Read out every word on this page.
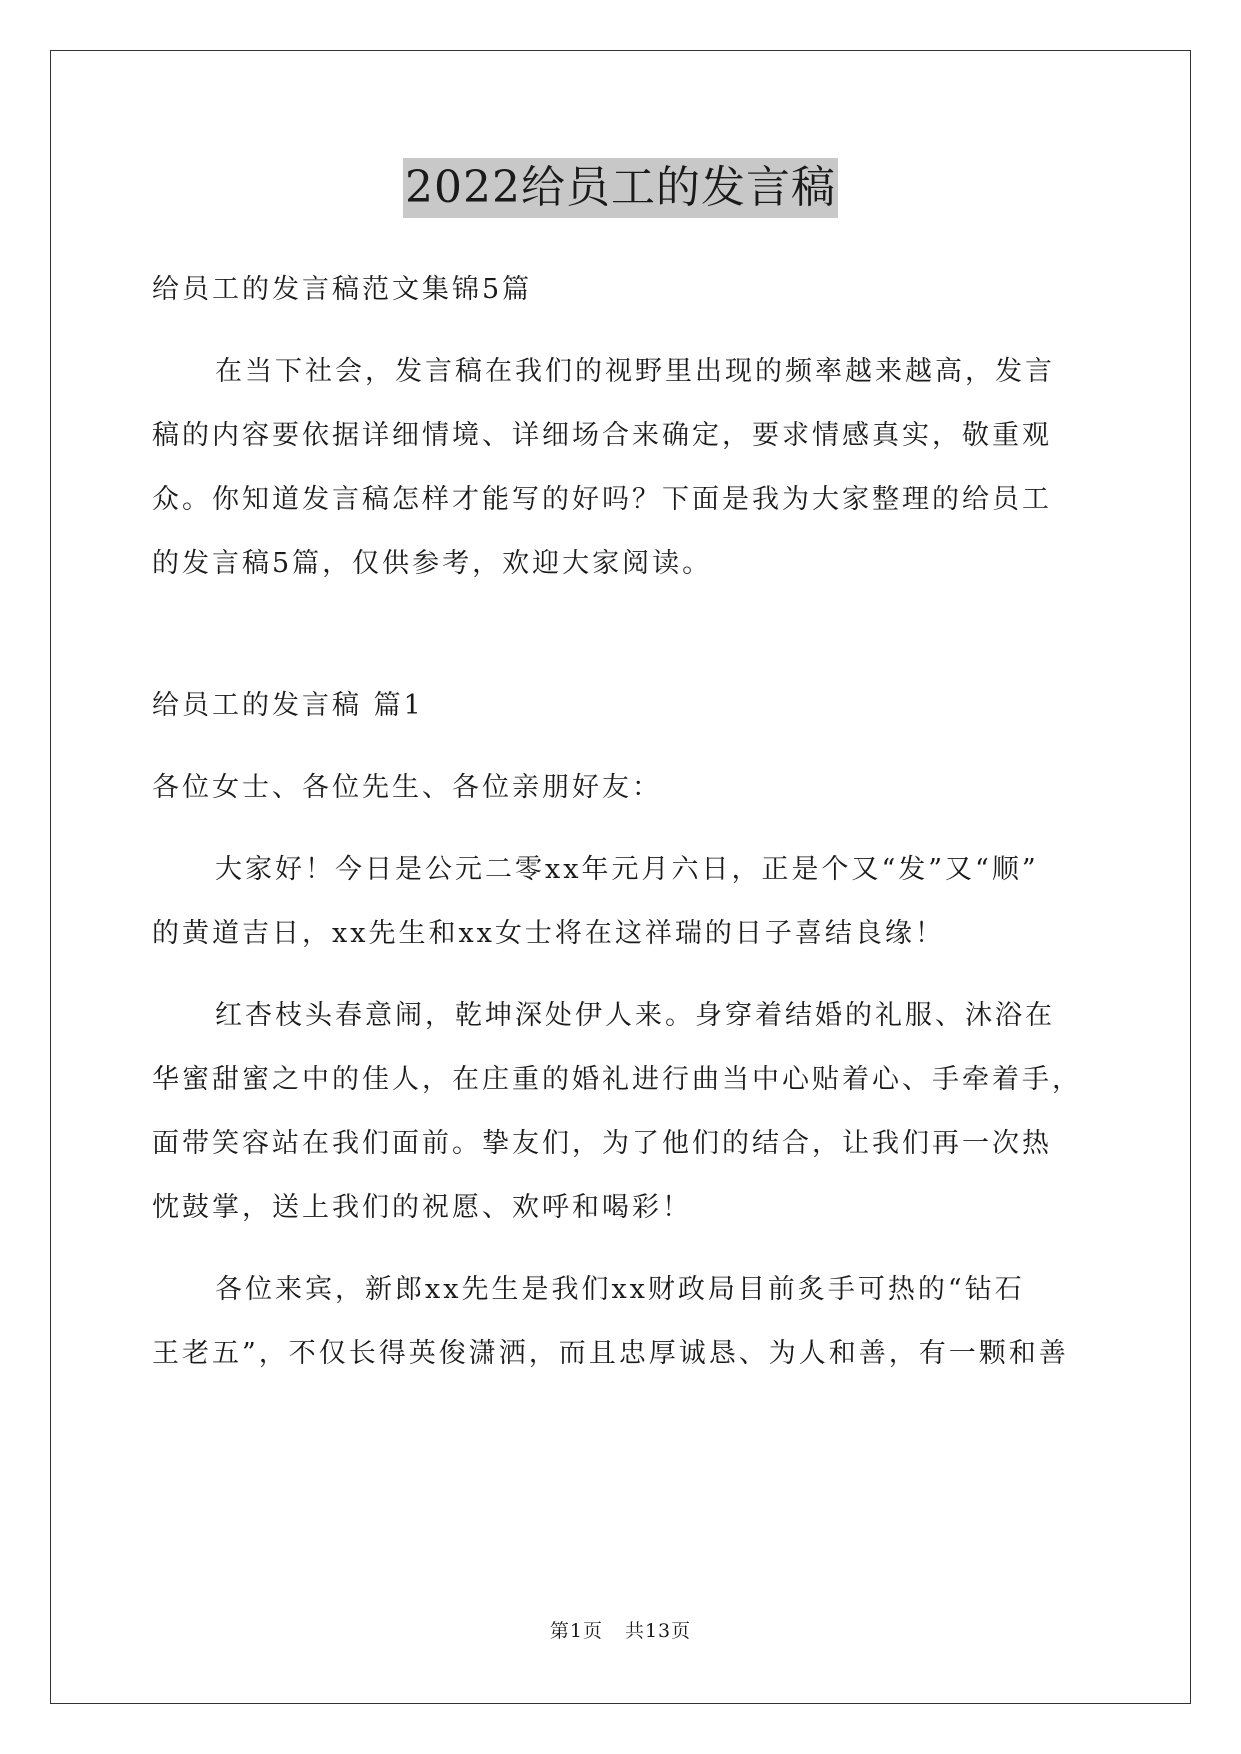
2022给员工的发言稿
给员工的发言稿范文集锦5篇
在当下社会，发言稿在我们的视野里出现的频率越来越高，发言
稿的内容要依据详细情境、详细场合来确定，要求情感真实，敬重观
众。你知道发言稿怎样才能写的好吗？下面是我为大家整理的给员工
的发言稿5篇，仅供参考，欢迎大家阅读。
给员工的发言稿 篇1
各位女士、各位先生、各位亲朋好友：
大家好！今日是公元二零xx年元月六日，正是个又“发”又“顺”
的黄道吉日，xx先生和xx女士将在这祥瑞的日子喜结良缘！
红杏枝头春意闹，乾坤深处伊人来。身穿着结婚的礼服、沐浴在
华蜜甜蜜之中的佳人，在庄重的婚礼进行曲当中心贴着心、手牵着手，
面带笑容站在我们面前。挚友们，为了他们的结合，让我们再一次热
忱鼓掌，送上我们的祝愿、欢呼和喝彩！
各位来宾，新郎xx先生是我们xx财政局目前炙手可热的“钻石
王老五”，不仅长得英俊潇洒，而且忠厚诚恳、为人和善，有一颗和善
第1页 共13页
